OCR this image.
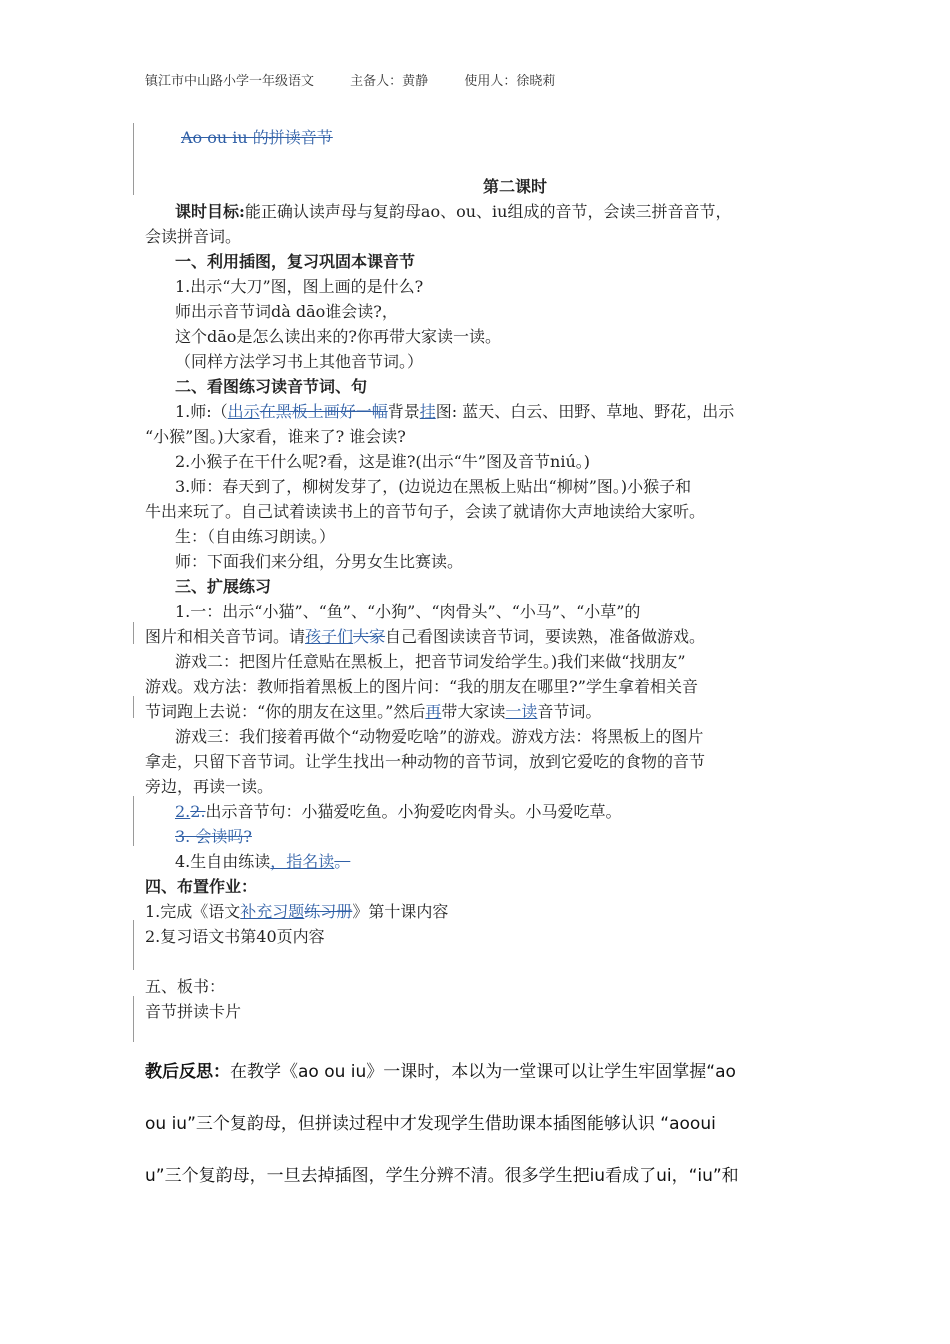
镇江市中山路小学一年级语文	主备人：黄静	使用人：徐晓莉
Ao ou iu 的拼读音节
第二课时
课时目标:能正确认读声母与复韵母ao、ou、iu组成的音节，会读三拼音音节，
会读拼音词。
一、利用插图，复习巩固本课音节
1.出示“大刀”图，图上画的是什么?
师出示音节词dà dāo谁会读?，
这个dāo是怎么读出来的?你再带大家读一读。
（同样方法学习书上其他音节词。）
二、看图练习读音节词、句
1.师:（出示在黑板上画好一幅背景挂图: 蓝天、白云、田野、草地、野花，出示
“小猴”图。)大家看，谁来了? 谁会读?
2.小猴子在干什么呢?看，这是谁?(出示“牛”图及音节niú。)
3.师：春天到了，柳树发芽了，(边说边在黑板上贴出“柳树”图。)小猴子和
牛出来玩了。自己试着读读书上的音节句子，会读了就请你大声地读给大家听。
生：（自由练习朗读。）
师：下面我们来分组，分男女生比赛读。
三、扩展练习
1.一：出示“小猫”、“鱼”、“小狗”、“肉骨头”、“小马”、“小草”的
图片和相关音节词。请孩子们大家自己看图读读音节词，要读熟，准备做游戏。
游戏二：把图片任意贴在黑板上，把音节词发给学生。)我们来做“找朋友”
游戏。戏方法：教师指着黑板上的图片问：“我的朋友在哪里?”学生拿着相关音
节词跑上去说：“你的朋友在这里。”然后再带大家读一读音节词。
游戏三：我们接着再做个“动物爱吃啥”的游戏。游戏方法：将黑板上的图片
拿走，只留下音节词。让学生找出一种动物的音节词，放到它爱吃的食物的音节
旁边，再读一读。
2.2.出示音节句：小猫爱吃鱼。小狗爱吃肉骨头。小马爱吃草。
3. 会读吗?
4.生自由练读，指名读。
四、布置作业：
1.完成《语文补充习题练习册》第十课内容
2.复习语文书第40页内容
五、板书：
音节拼读卡片
教后反思：在教学《ao ou iu》一课时，本以为一堂课可以让学生牢固掌握“ao
ou iu”三个复韵母，但拼读过程中才发现学生借助课本插图能够认识 “aooui
u”三个复韵母，一旦去掉插图，学生分辨不清。很多学生把iu看成了ui，“iu”和
